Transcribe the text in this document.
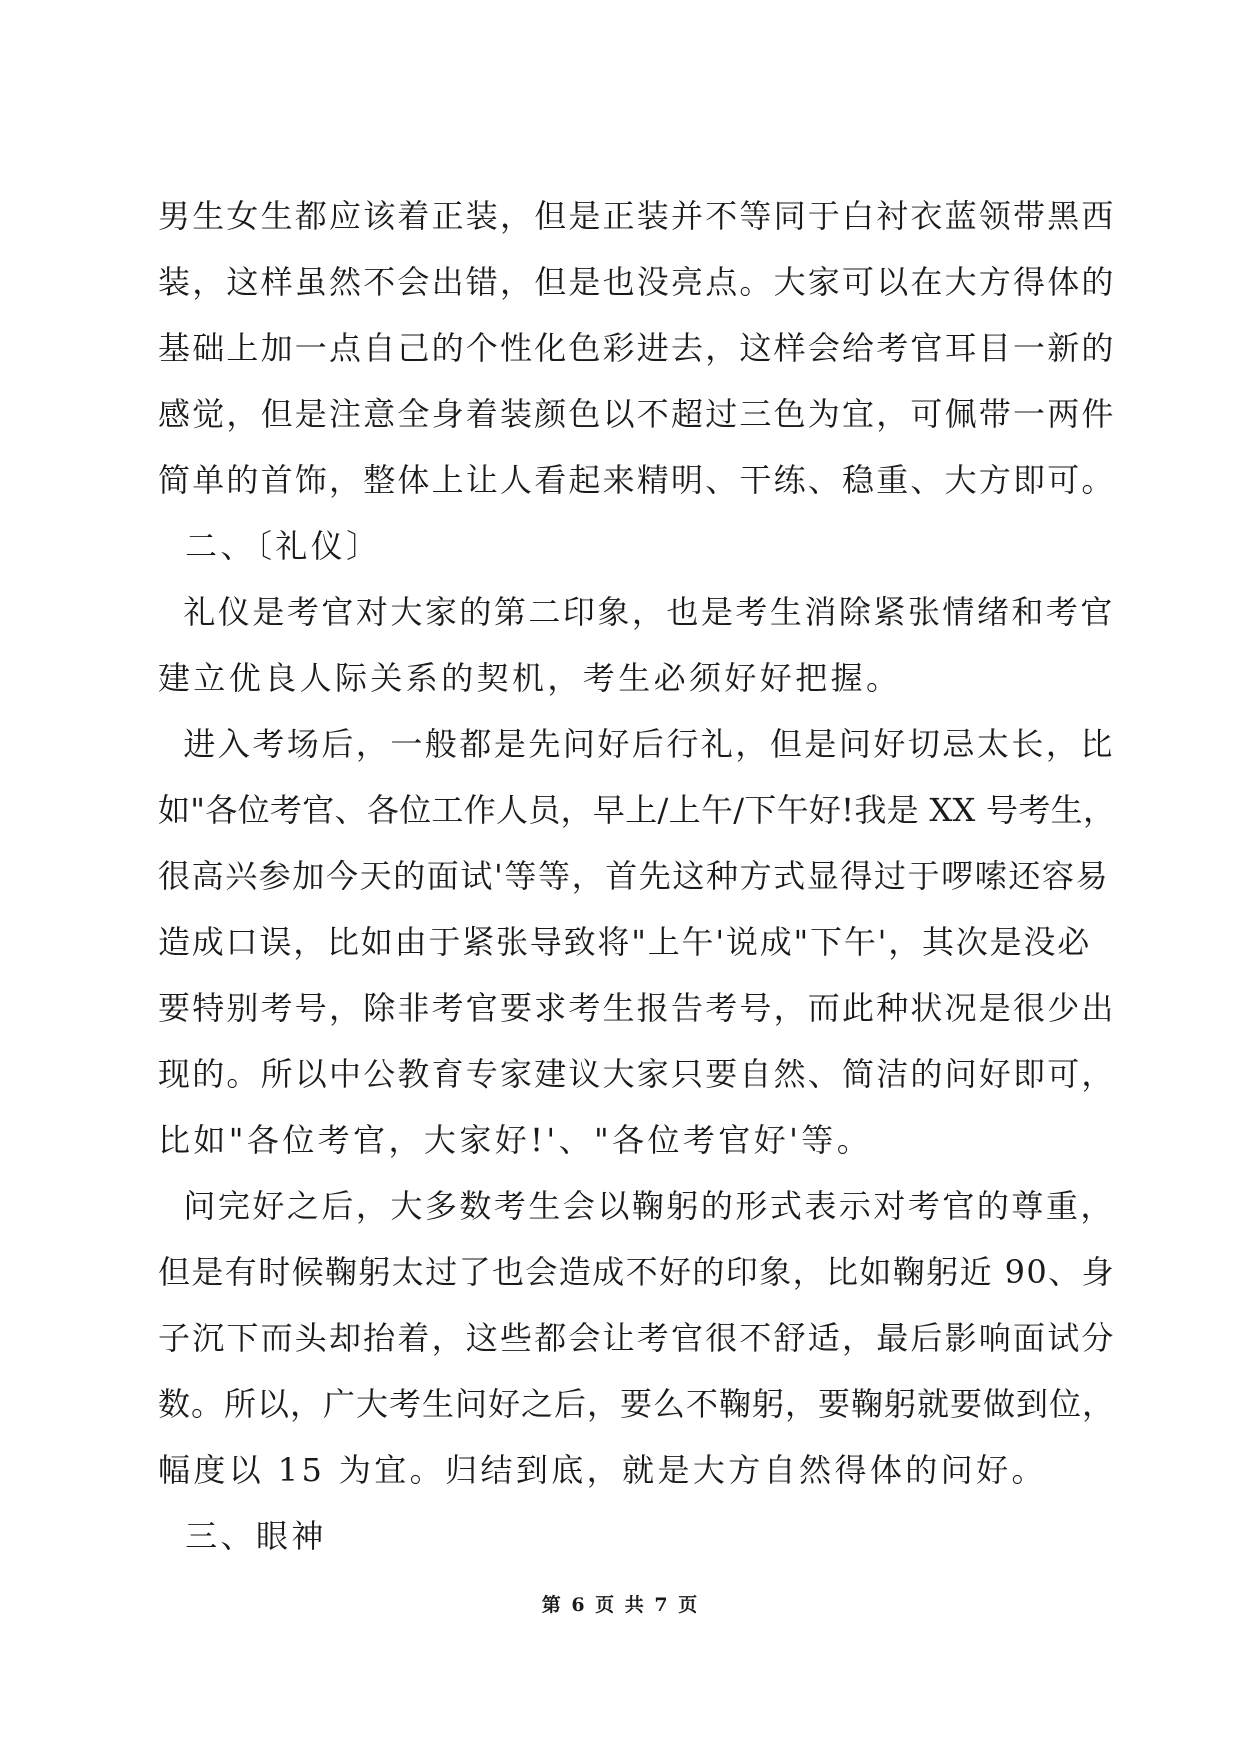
男生女生都应该着正装，但是正装并不等同于白衬衣蓝领带黑西
装，这样虽然不会出错，但是也没亮点。大家可以在大方得体的
基础上加一点自己的个性化色彩进去，这样会给考官耳目一新的
感觉，但是注意全身着装颜色以不超过三色为宜，可佩带一两件
简单的首饰，整体上让人看起来精明、干练、稳重、大方即可。
二、〔礼仪〕
礼仪是考官对大家的第二印象，也是考生消除紧张情绪和考官
建立优良人际关系的契机，考生必须好好把握。
进入考场后，一般都是先问好后行礼，但是问好切忌太长，比
如"各位考官、各位工作人员，早上/上午/下午好!我是 XX 号考生，
很高兴参加今天的面试'等等，首先这种方式显得过于啰嗦还容易
造成口误，比如由于紧张导致将"上午'说成"下午'，其次是没必
要特别考号，除非考官要求考生报告考号，而此种状况是很少出
现的。所以中公教育专家建议大家只要自然、简洁的问好即可，
比如"各位考官，大家好!'、"各位考官好'等。
问完好之后，大多数考生会以鞠躬的形式表示对考官的尊重，
但是有时候鞠躬太过了也会造成不好的印象，比如鞠躬近 90、身
子沉下而头却抬着，这些都会让考官很不舒适，最后影响面试分
数。所以，广大考生问好之后，要么不鞠躬，要鞠躬就要做到位，
幅度以 15 为宜。归结到底，就是大方自然得体的问好。
三、眼神
第 6 页 共 7 页
